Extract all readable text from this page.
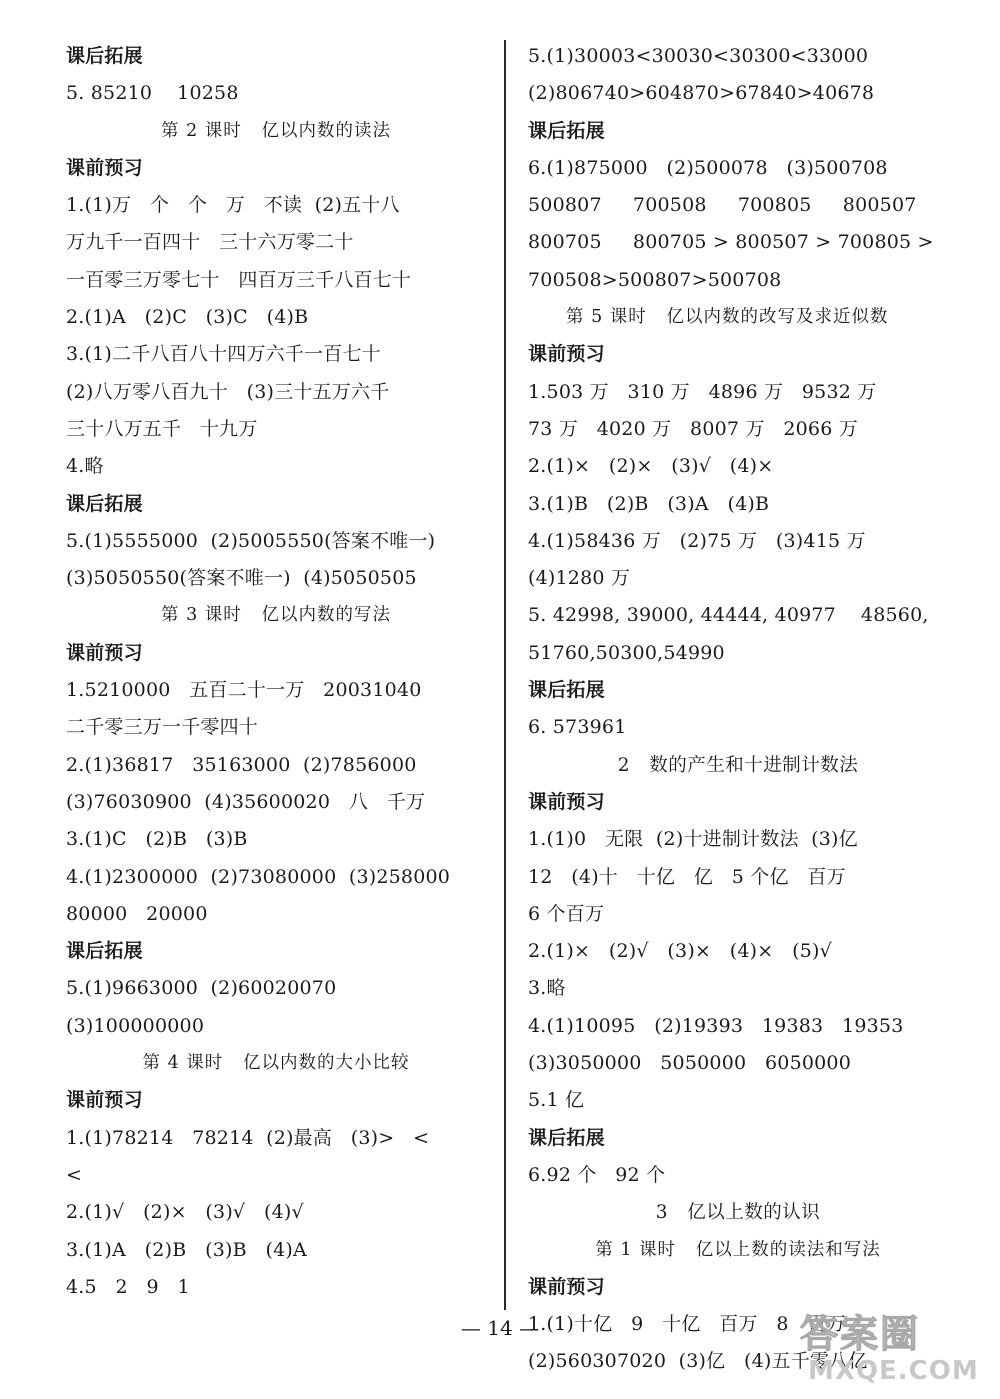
课后拓展
5. 85210    10258
第 2 课时   亿以内数的读法
课前预习
1.(1)万   个   个   万   不读  (2)五十八
万九千一百四十   三十六万零二十
一百零三万零七十   四百万三千八百七十
2.(1)A   (2)C   (3)C   (4)B
3.(1)二千八百八十四万六千一百七十
(2)八万零八百九十   (3)三十五万六千
三十八万五千   十九万
4.略
课后拓展
5.(1)5555000  (2)5005550(答案不唯一)
(3)5050550(答案不唯一)  (4)5050505
第 3 课时   亿以内数的写法
课前预习
1.5210000   五百二十一万   20031040
二千零三万一千零四十
2.(1)36817   35163000  (2)7856000
(3)76030900  (4)35600020   八   千万
3.(1)C   (2)B   (3)B
4.(1)2300000  (2)73080000  (3)258000
80000   20000
课后拓展
5.(1)9663000  (2)60020070
(3)100000000
第 4 课时   亿以内数的大小比较
课前预习
1.(1)78214   78214  (2)最高   (3)>   <
<
2.(1)√   (2)×   (3)√   (4)√
3.(1)A   (2)B   (3)B   (4)A
4.5   2   9   1
5.(1)30003<30030<30300<33000
(2)806740>604870>67840>40678
课后拓展
6.(1)875000   (2)500078   (3)500708
500807     700508     700805     800507
800705     800705 > 800507 > 700805 >
700508>500807>500708
第 5 课时   亿以内数的改写及求近似数
课前预习
1.503 万   310 万   4896 万   9532 万
73 万   4020 万   8007 万   2066 万
2.(1)×   (2)×   (3)√   (4)×
3.(1)B   (2)B   (3)A   (4)B
4.(1)58436 万   (2)75 万   (3)415 万
(4)1280 万
5. 42998, 39000, 44444, 40977    48560,
51760,50300,54990
课后拓展
6. 573961
2   数的产生和十进制计数法
课前预习
1.(1)0   无限  (2)十进制计数法  (3)亿
12   (4)十   十亿   亿   5 个亿   百万
6 个百万
2.(1)×   (2)√   (3)×   (4)×   (5)√
3.略
4.(1)10095   (2)19393   19383   19353
(3)3050000   5050000   6050000
5.1 亿
课后拓展
6.92 个   92 个
3   亿以上数的认识
第 1 课时   亿以上数的读法和写法
课前预习
1.(1)十亿   9   十亿   百万   8   百万
(2)560307020  (3)亿   (4)五千零八亿
— 14 —	答案圈
MXQE.COM
